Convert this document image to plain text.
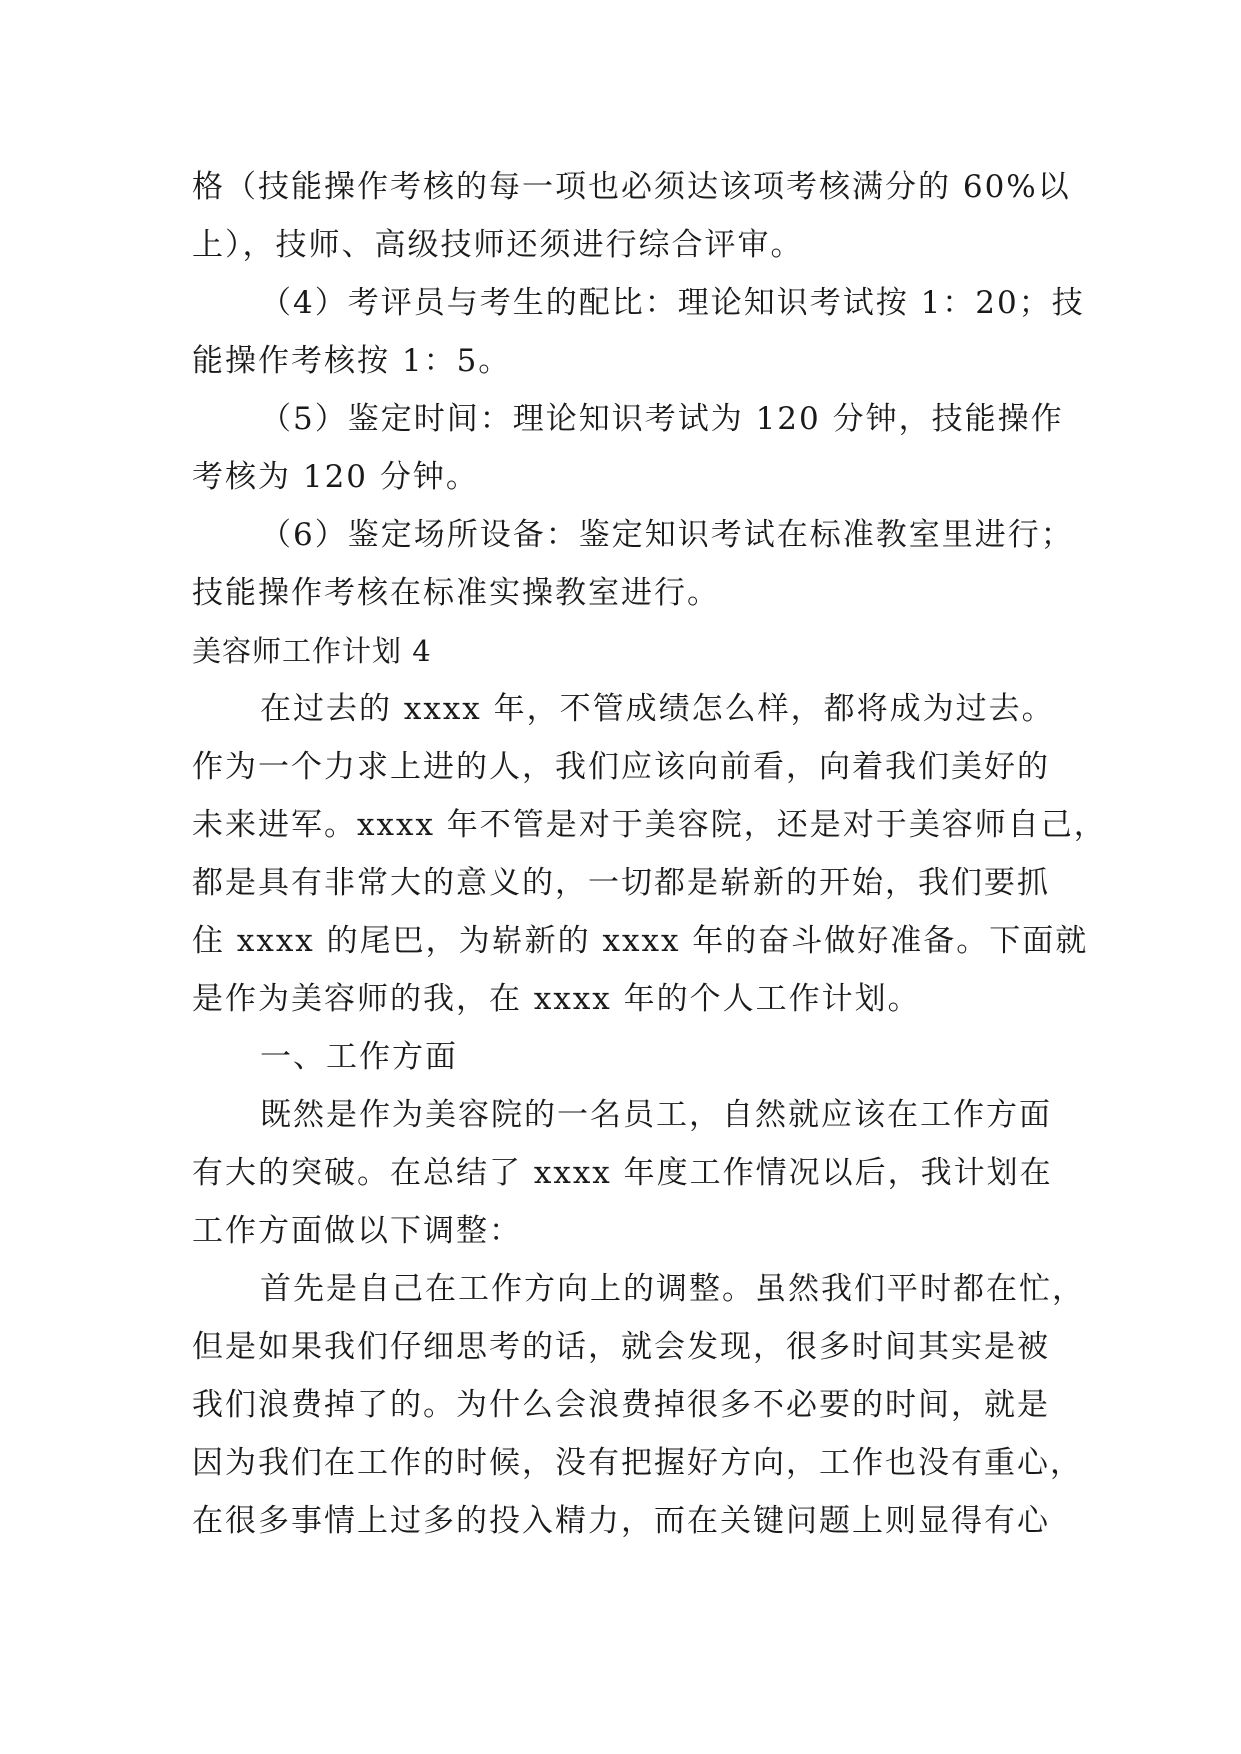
格（技能操作考核的每一项也必须达该项考核满分的 60%以
上），技师、高级技师还须进行综合评审。
（4）考评员与考生的配比：理论知识考试按 1：20；技
能操作考核按 1：5。
（5）鉴定时间：理论知识考试为 120 分钟，技能操作
考核为 120 分钟。
（6）鉴定场所设备：鉴定知识考试在标准教室里进行；
技能操作考核在标准实操教室进行。
美容师工作计划 4
在过去的 xxxx 年，不管成绩怎么样，都将成为过去。
作为一个力求上进的人，我们应该向前看，向着我们美好的
未来进军。xxxx 年不管是对于美容院，还是对于美容师自己，
都是具有非常大的意义的，一切都是崭新的开始，我们要抓
住 xxxx 的尾巴，为崭新的 xxxx 年的奋斗做好准备。下面就
是作为美容师的我，在 xxxx 年的个人工作计划。
一、工作方面
既然是作为美容院的一名员工，自然就应该在工作方面
有大的突破。在总结了 xxxx 年度工作情况以后，我计划在
工作方面做以下调整：
首先是自己在工作方向上的调整。虽然我们平时都在忙，
但是如果我们仔细思考的话，就会发现，很多时间其实是被
我们浪费掉了的。为什么会浪费掉很多不必要的时间，就是
因为我们在工作的时候，没有把握好方向，工作也没有重心，
在很多事情上过多的投入精力，而在关键问题上则显得有心
